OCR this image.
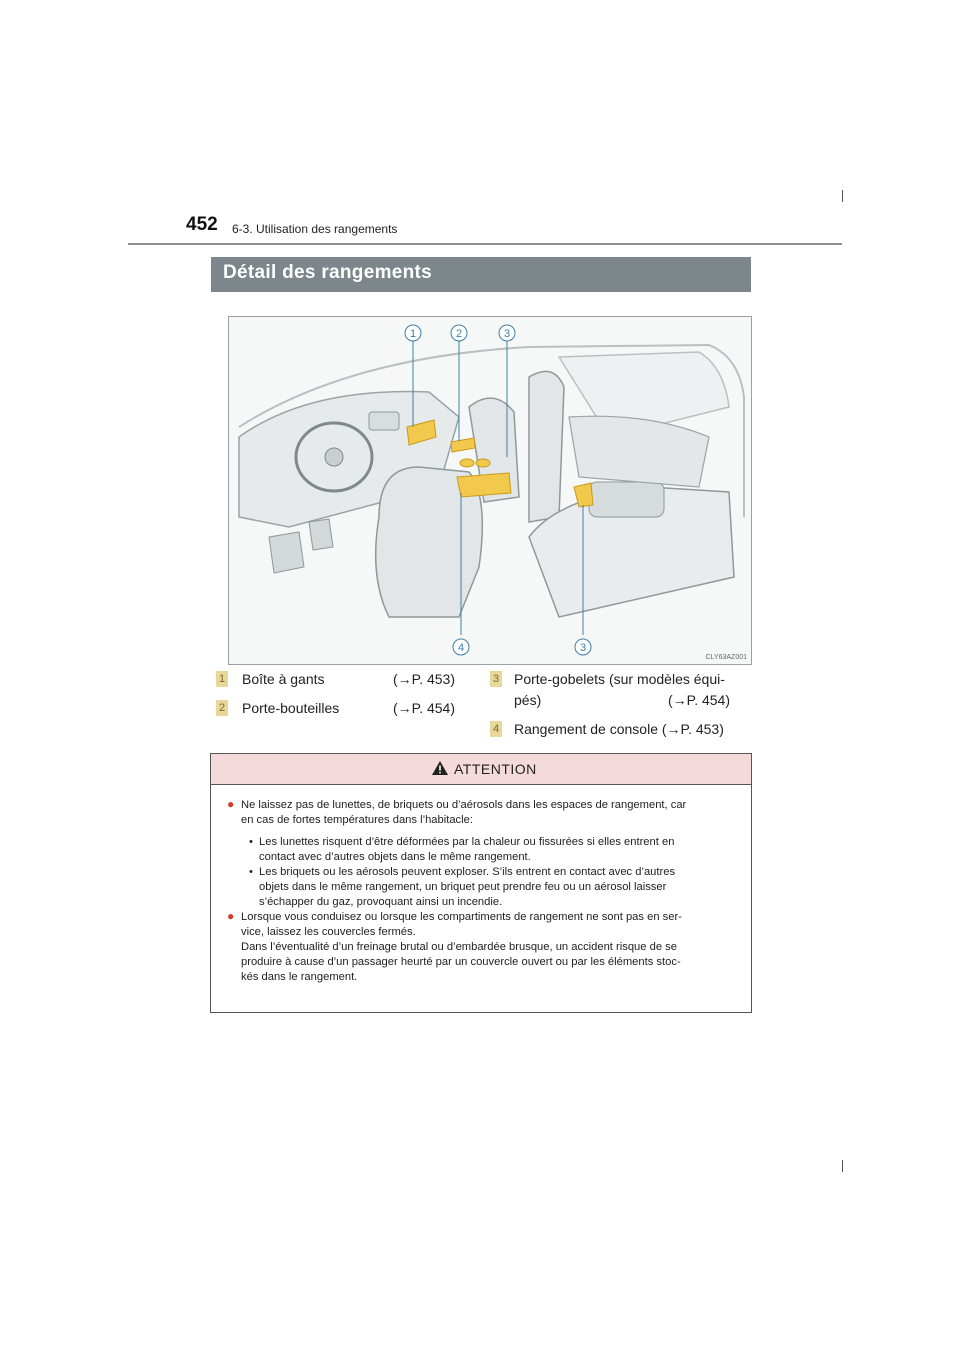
452 6-3. Utilisation des rangements
Détail des rangements
1	2	3
4	3
CLY63AZ001
1 Boîte à gants	(→P. 453)
2 Porte-bouteilles	(→P. 454)
3 Porte-gobelets (sur modèles équi-
pés)	(→P. 454)
4 Rangement de console (→P. 453)
ATTENTION
● Ne laissez pas de lunettes, de briquets ou d’aérosols dans les espaces de rangement, car
en cas de fortes températures dans l’habitacle:
• Les lunettes risquent d’être déformées par la chaleur ou fissurées si elles entrent en
contact avec d’autres objets dans le même rangement.
• Les briquets ou les aérosols peuvent exploser. S’ils entrent en contact avec d’autres
objets dans le même rangement, un briquet peut prendre feu ou un aérosol laisser
s’échapper du gaz, provoquant ainsi un incendie.
● Lorsque vous conduisez ou lorsque les compartiments de rangement ne sont pas en ser-
vice, laissez les couvercles fermés.
Dans l’éventualité d’un freinage brutal ou d’embardée brusque, un accident risque de se
produire à cause d’un passager heurté par un couvercle ouvert ou par les éléments stoc-
kés dans le rangement.
